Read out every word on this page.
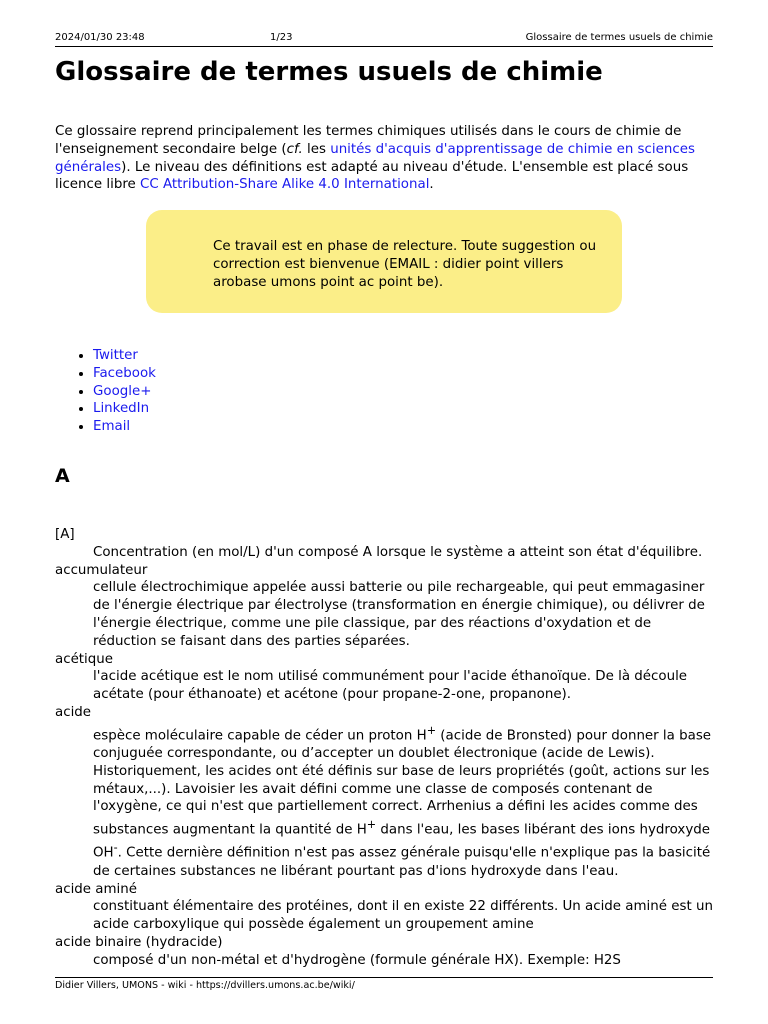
2024/01/30 23:48	1/23	Glossaire de termes usuels de chimie
Glossaire de termes usuels de chimie
Ce glossaire reprend principalement les termes chimiques utilisés dans le cours de chimie de l'enseignement secondaire belge (cf. les unités d'acquis d'apprentissage de chimie en sciences générales). Le niveau des définitions est adapté au niveau d'étude. L'ensemble est placé sous licence libre CC Attribution-Share Alike 4.0 International.

Ce travail est en phase de relecture. Toute suggestion ou correction est bienvenue (EMAIL : didier point villers arobase umons point ac point be).

• Twitter
• Facebook
• Google+
• LinkedIn
• Email
A
[A]
Concentration (en mol/L) d'un composé A lorsque le système a atteint son état d'équilibre.
accumulateur
cellule électrochimique appelée aussi batterie ou pile rechargeable, qui peut emmagasiner de l'énergie électrique par électrolyse (transformation en énergie chimique), ou délivrer de l'énergie électrique, comme une pile classique, par des réactions d'oxydation et de réduction se faisant dans des parties séparées.
acétique
l'acide acétique est le nom utilisé communément pour l'acide éthanoïque. De là découle acétate (pour éthanoate) et acétone (pour propane-2-one, propanone).
acide
espèce moléculaire capable de céder un proton H+ (acide de Bronsted) pour donner la base conjuguée correspondante, ou d’accepter un doublet électronique (acide de Lewis). Historiquement, les acides ont été définis sur base de leurs propriétés (goût, actions sur les métaux,...). Lavoisier les avait défini comme une classe de composés contenant de l'oxygène, ce qui n'est que partiellement correct. Arrhenius a défini les acides comme des substances augmentant la quantité de H+ dans l'eau, les bases libérant des ions hydroxyde OH-. Cette dernière définition n'est pas assez générale puisqu'elle n'explique pas la basicité de certaines substances ne libérant pourtant pas d'ions hydroxyde dans l'eau.
acide aminé
constituant élémentaire des protéines, dont il en existe 22 différents. Un acide aminé est un acide carboxylique qui possède également un groupement amine
acide binaire (hydracide)
composé d'un non-métal et d'hydrogène (formule générale HX). Exemple: H2S
Didier Villers, UMONS - wiki - https://dvillers.umons.ac.be/wiki/
